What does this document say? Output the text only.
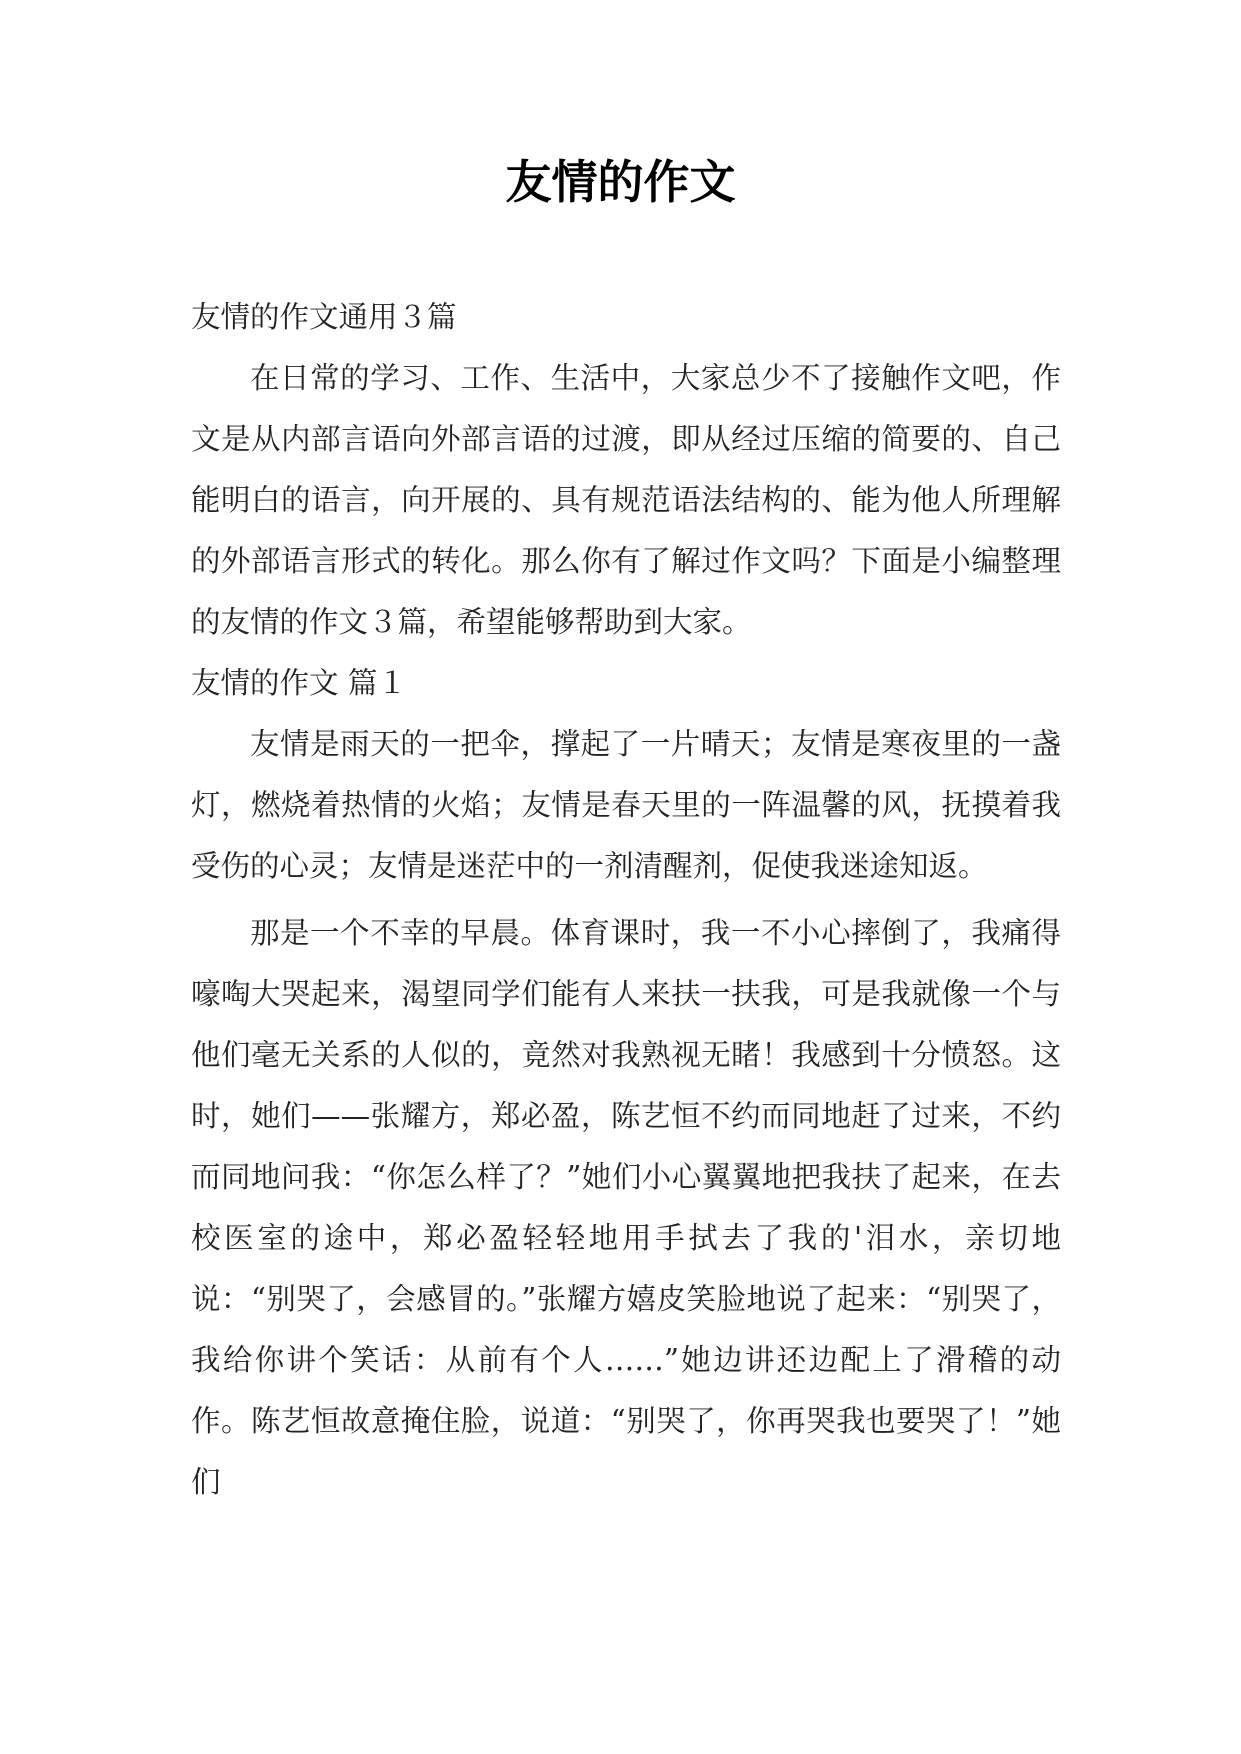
友情的作文

友情的作文通用３篇

在日常的学习、工作、生活中，大家总少不了接触作文吧，作文是从内部言语向外部言语的过渡，即从经过压缩的简要的、自己能明白的语言，向开展的、具有规范语法结构的、能为他人所理解的外部语言形式的转化。那么你有了解过作文吗？下面是小编整理的友情的作文３篇，希望能够帮助到大家。

友情的作文 篇１

友情是雨天的一把伞，撑起了一片晴天；友情是寒夜里的一盏灯，燃烧着热情的火焰；友情是春天里的一阵温馨的风，抚摸着我受伤的心灵；友情是迷茫中的一剂清醒剂，促使我迷途知返。

那是一个不幸的早晨。体育课时，我一不小心摔倒了，我痛得嚎啕大哭起来，渴望同学们能有人来扶一扶我，可是我就像一个与他们毫无关系的人似的，竟然对我熟视无睹！我感到十分愤怒。这时，她们——张耀方，郑必盈，陈艺恒不约而同地赶了过来，不约而同地问我：“你怎么样了？”她们小心翼翼地把我扶了起来，在去校医室的途中，郑必盈轻轻地用手拭去了我的'泪水，亲切地说：“别哭了，会感冒的。”张耀方嬉皮笑脸地说了起来：“别哭了，我给你讲个笑话：从前有个人……”她边讲还边配上了滑稽的动作。陈艺恒故意掩住脸，说道：“别哭了，你再哭我也要哭了！”她们
